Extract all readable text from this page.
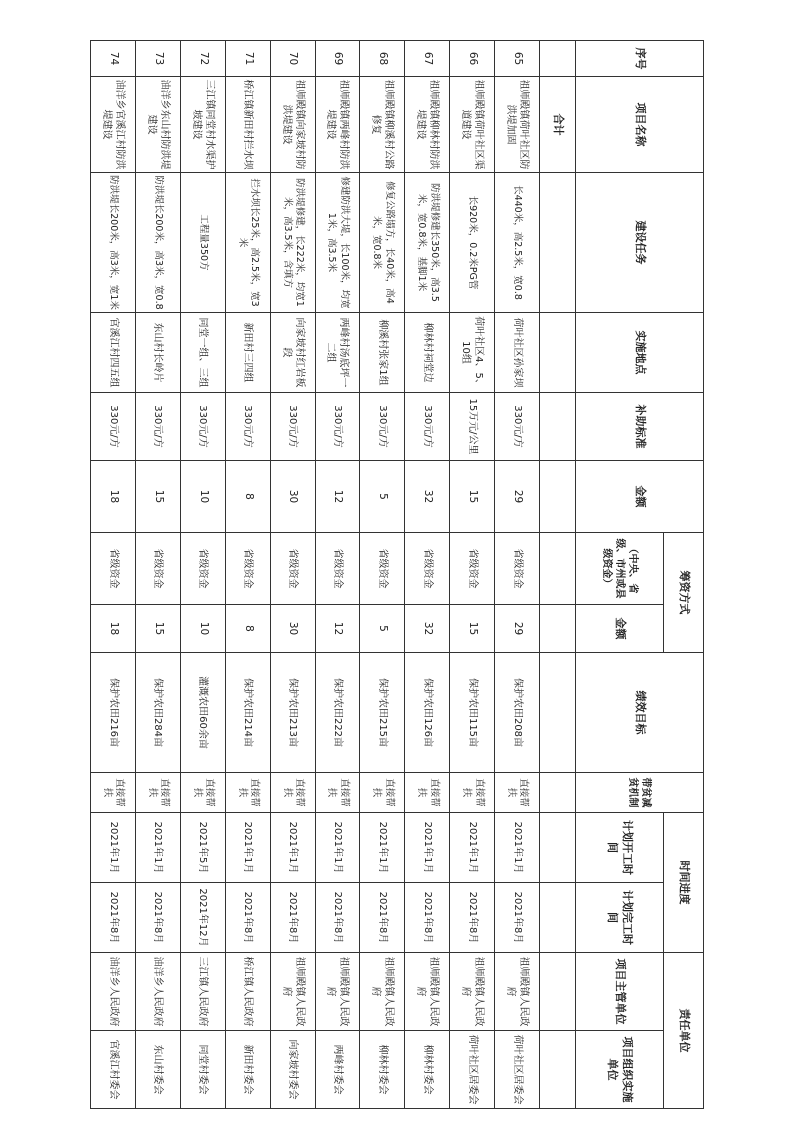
序号	项目名称	建设任务	实施地点	补助标准	金额	筹资方式		绩效目标	带贫减贫机制	时间进度		责任单位	
						（中央、省级、市州或县级资金）	金额			计划开工时间	计划完工时间	项目主管单位	项目组织实施单位
	合计												
65	祖师殿镇荷叶社区防洪堤加固	长440米，高2.5米，宽0.8	荷叶社区孙家坝	330元/方	29	省级资金	29	保护农田208亩	直接帮扶	2021年1月	2021年8月	祖师殿镇人民政府	荷叶社区居委会
66	祖师殿镇荷叶社区渠道建设	长920米，0.2米PG管	荷叶社区4、5、10组	15万元/公里	15	省级资金	15	保护农田115亩	直接帮扶	2021年1月	2021年8月	祖师殿镇人民政府	荷叶社区居委会
67	祖师殿镇柳林村防洪堤建设	防洪堤修建长350米，高3.5米，宽0.8米，基脚1米	柳林村祠堂边	330元/方	32	省级资金	32	保护农田126亩	直接帮扶	2021年1月	2021年8月	祖师殿镇人民政府	柳林村委会
68	祖师殿镇柳溪村公路修复	修复公路塌方，长40米，高4米，宽0.8米	柳溪村张家1组	330元/方	5	省级资金	5	保护农田215亩	直接帮扶	2021年1月	2021年8月	祖师殿镇人民政府	柳林村委会
69	祖师殿镇两峰村防洪堤建设	修建防洪大堤，长100米，均宽1米，高3.5米	两峰村汤底坪一二组	330元/方	12	省级资金	12	保护农田222亩	直接帮扶	2021年1月	2021年8月	祖师殿镇人民政府	两峰村委会
70	祖师殿镇向家坡村防洪堤建设	防洪堤修建，长222米，均宽1米，高3.5米，含填方	向家坡村红岩板段	330元/方	30	省级资金	30	保护农田213亩	直接帮扶	2021年1月	2021年8月	祖师殿镇人民政府	向家坡村委会
71	桥江镇新田村拦水坝	拦水坝长25米，高2.5米，宽3米	新田村三四组	330元/方	8	省级资金	8	保护农田214亩	直接帮扶	2021年1月	2021年8月	桥江镇人民政府	新田村委会
72	三江镇同堂村水渠护坡建设	工程量350方	同堂一组、三组	330元/方	10	省级资金	10	灌溉农田60余亩	直接帮扶	2021年5月	2021年12月	三江镇人民政府	同堂村委会
73	油洋乡东山村防洪堤建设	防洪堤长200米，高3米，宽0.8	东山村长岭片	330元/方	15	省级资金	15	保护农田284亩	直接帮扶	2021年1月	2021年8月	油洋乡人民政府	东山村委会
74	油洋乡官溪江村防洪堤建设	防洪堤长200米，高3米，宽1米	官溪江村四五组	330元/方	18	省级资金	18	保护农田216亩	直接帮扶	2021年1月	2021年8月	油洋乡人民政府	官溪江村委会
